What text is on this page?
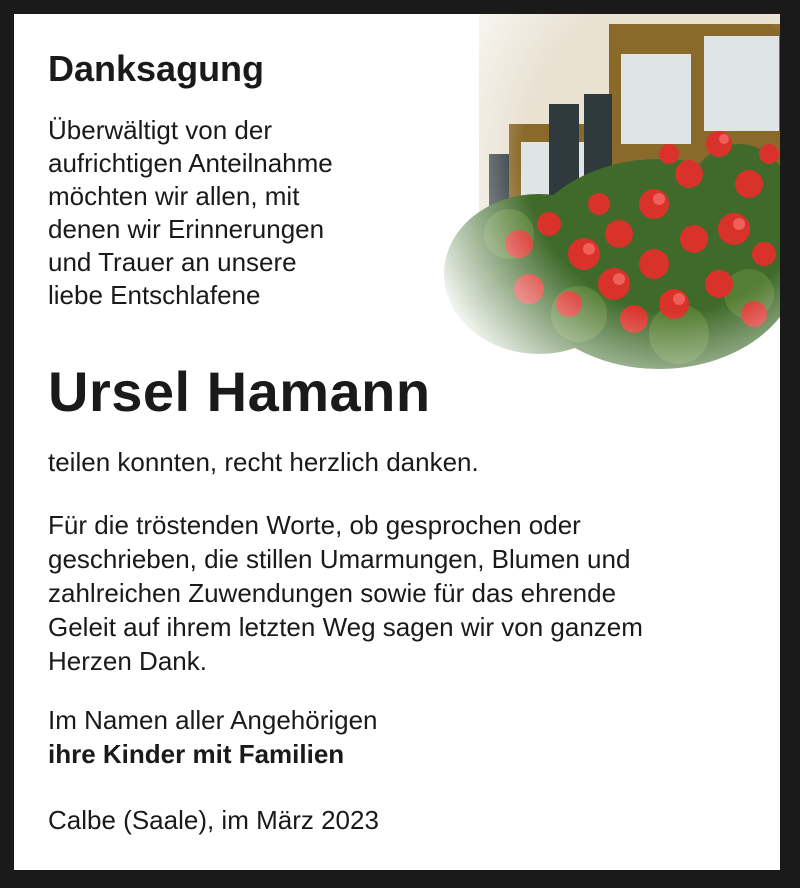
Danksagung

Überwältigt von der
aufrichtigen Anteilnahme
möchten wir allen, mit
denen wir Erinnerungen
und Trauer an unsere
liebe Entschlafene

Ursel Hamann

teilen konnten, recht herzlich danken.

Für die tröstenden Worte, ob gesprochen oder
geschrieben, die stillen Umarmungen, Blumen und
zahlreichen Zuwendungen sowie für das ehrende
Geleit auf ihrem letzten Weg sagen wir von ganzem
Herzen Dank.

Im Namen aller Angehörigen

ihre Kinder mit Familien

Calbe (Saale), im März 2023
